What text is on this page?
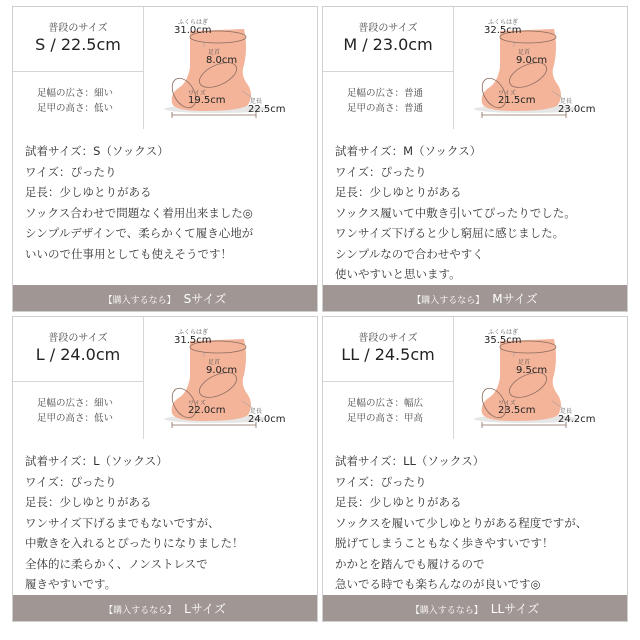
普段のサイズ
S / 22.5cm
足幅の広さ：細い
足甲の高さ：低い
ふくらはぎ
31.0cm
足首
8.0cm
ワイズ
19.5cm	足長
22.5cm
試着サイズ：S（ソックス）
ワイズ：ぴったり
足長：少しゆとりがある
ソックス合わせで問題なく着用出来ました◎
シンプルデザインで、柔らかくて履き心地が
いいので仕事用としても使えそうです！
【購入するなら】 Sサイズ
普段のサイズ
M / 23.0cm
足幅の広さ：普通
足甲の高さ：普通
ふくらはぎ
32.5cm
足首
9.0cm
ワイズ
21.5cm	足長
23.0cm
試着サイズ：M（ソックス）
ワイズ：ぴったり
足長：少しゆとりがある
ソックス履いて中敷き引いてぴったりでした。
ワンサイズ下げると少し窮屈に感じました。
シンプルなので合わせやすく
使いやすいと思います。
【購入するなら】 Mサイズ
普段のサイズ
L / 24.0cm
足幅の広さ：細い
足甲の高さ：低い
ふくらはぎ
31.5cm
足首
9.0cm
ワイズ
22.0cm	足長
24.0cm
試着サイズ：L（ソックス）
ワイズ：ぴったり
足長：少しゆとりがある
ワンサイズ下げるまでもないですが、
中敷きを入れるとぴったりになりました！
全体的に柔らかく、ノンストレスで
履きやすいです。
【購入するなら】 Lサイズ
普段のサイズ
LL / 24.5cm
足幅の広さ：幅広
足甲の高さ：甲高
ふくらはぎ
35.5cm
足首
9.5cm
ワイズ
23.5cm	足長
24.2cm
試着サイズ：LL（ソックス）
ワイズ：ぴったり
足長：少しゆとりがある
ソックスを履いて少しゆとりがある程度ですが、
脱げてしまうこともなく歩きやすいです！
かかとを踏んでも履けるので
急いでる時でも楽ちんなのが良いです◎
【購入するなら】 LLサイズ
